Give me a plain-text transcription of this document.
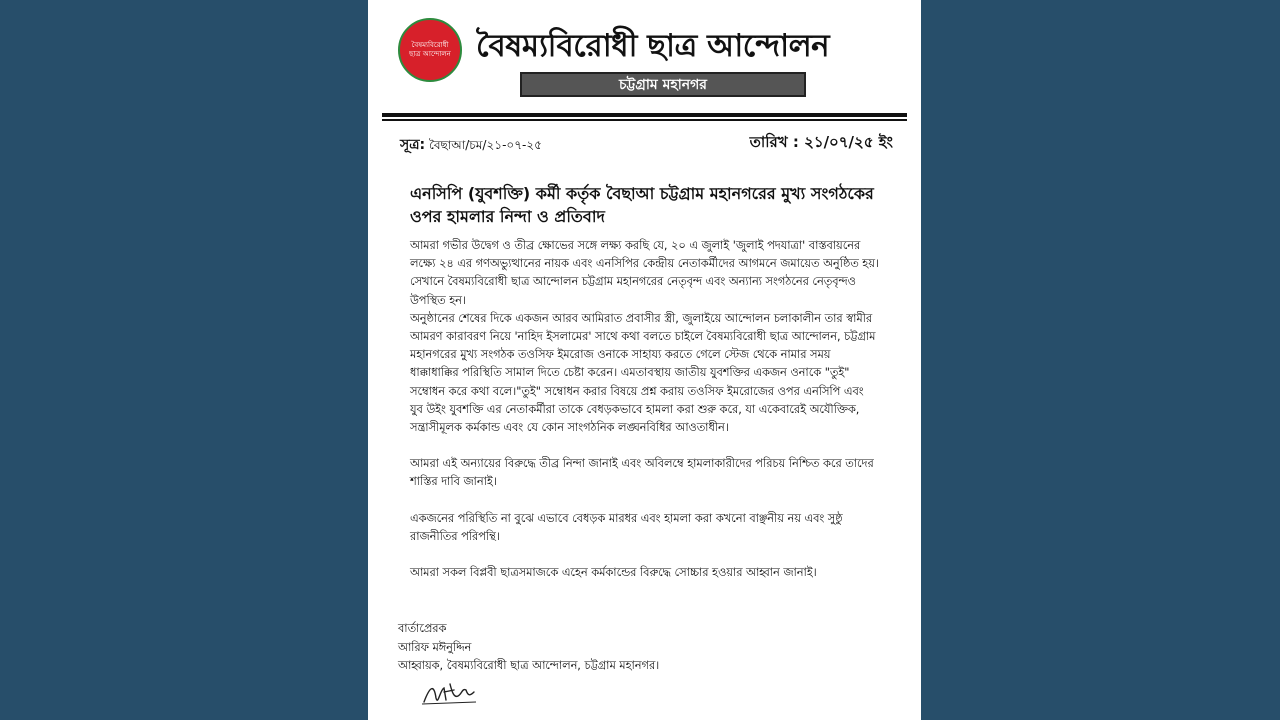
বৈষম্যবিরোধী
ছাত্র আন্দোলন বৈষম্যবিরোধী ছাত্র আন্দোলন
চট্টগ্রাম মহানগর
সূত্র: বৈছাআ/চম/২১-০৭-২৫	তারিখ : ২১/০৭/২৫ ইং
এনসিপি (যুবশক্তি) কর্মী কর্তৃক বৈছাআ চট্টগ্রাম মহানগরের মুখ্য সংগঠকের ওপর হামলার নিন্দা ও প্রতিবাদ

আমরা গভীর উদ্বেগ ও তীব্র ক্ষোভের সঙ্গে লক্ষ্য করছি যে, ২০ এ জুলাই 'জুলাই পদযাত্রা' বাস্তবায়নের লক্ষ্যে ২৪ এর গণঅভ্যুত্থানের নায়ক এবং এনসিপির কেন্দ্রীয় নেতাকর্মীদের আগমনে জমায়েত অনুষ্ঠিত হয়। সেখানে বৈষম্যবিরোধী ছাত্র আন্দোলন চট্টগ্রাম মহানগরের নেতৃবৃন্দ এবং অন্যান্য সংগঠনের নেতৃবৃন্দও উপস্থিত হন।

অনুষ্ঠানের শেষের দিকে একজন আরব আমিরাত প্রবাসীর স্ত্রী, জুলাইয়ে আন্দোলন চলাকালীন তার স্বামীর আমরণ কারাবরণ নিয়ে 'নাহিদ ইসলামের' সাথে কথা বলতে চাইলে বৈষম্যবিরোধী ছাত্র আন্দোলন, চট্টগ্রাম মহানগরের মুখ্য সংগঠক তওসিফ ইমরোজ ওনাকে সাহায্য করতে গেলে স্টেজ থেকে নামার সময় ধাক্কাধাক্কির পরিস্থিতি সামাল দিতে চেষ্টা করেন। এমতাবস্থায় জাতীয় যুবশক্তির একজন ওনাকে "তুই" সম্বোধন করে কথা বলে।"তুই" সম্বোধন করার বিষয়ে প্রশ্ন করায় তওসিফ ইমরোজের ওপর এনসিপি এবং যুব উইং যুবশক্তি এর নেতাকর্মীরা তাকে বেধড়কভাবে হামলা করা শুরু করে, যা একেবারেই অযৌক্তিক, সন্ত্রাসীমূলক কর্মকান্ড এবং যে কোন সাংগঠনিক লঙ্ঘনবিধির আওতাধীন।

আমরা এই অন্যায়ের বিরুদ্ধে তীব্র নিন্দা জানাই এবং অবিলম্বে হামলাকারীদের পরিচয় নিশ্চিত করে তাদের শাস্তির দাবি জানাই।

একজনের পরিস্থিতি না বুঝে এভাবে বেধড়ক মারধর এবং হামলা করা কখনো বাঞ্ছনীয় নয় এবং সুষ্ঠু রাজনীতির পরিপন্থি।

আমরা সকল বিপ্লবী ছাত্রসমাজকে এহেন কর্মকান্ডের বিরুদ্ধে সোচ্চার হওয়ার আহ্বান জানাই।

বার্তাপ্রেরক
আরিফ মঈনুদ্দিন
আহ্বায়ক, বৈষম্যবিরোধী ছাত্র আন্দোলন, চট্টগ্রাম মহানগর।
